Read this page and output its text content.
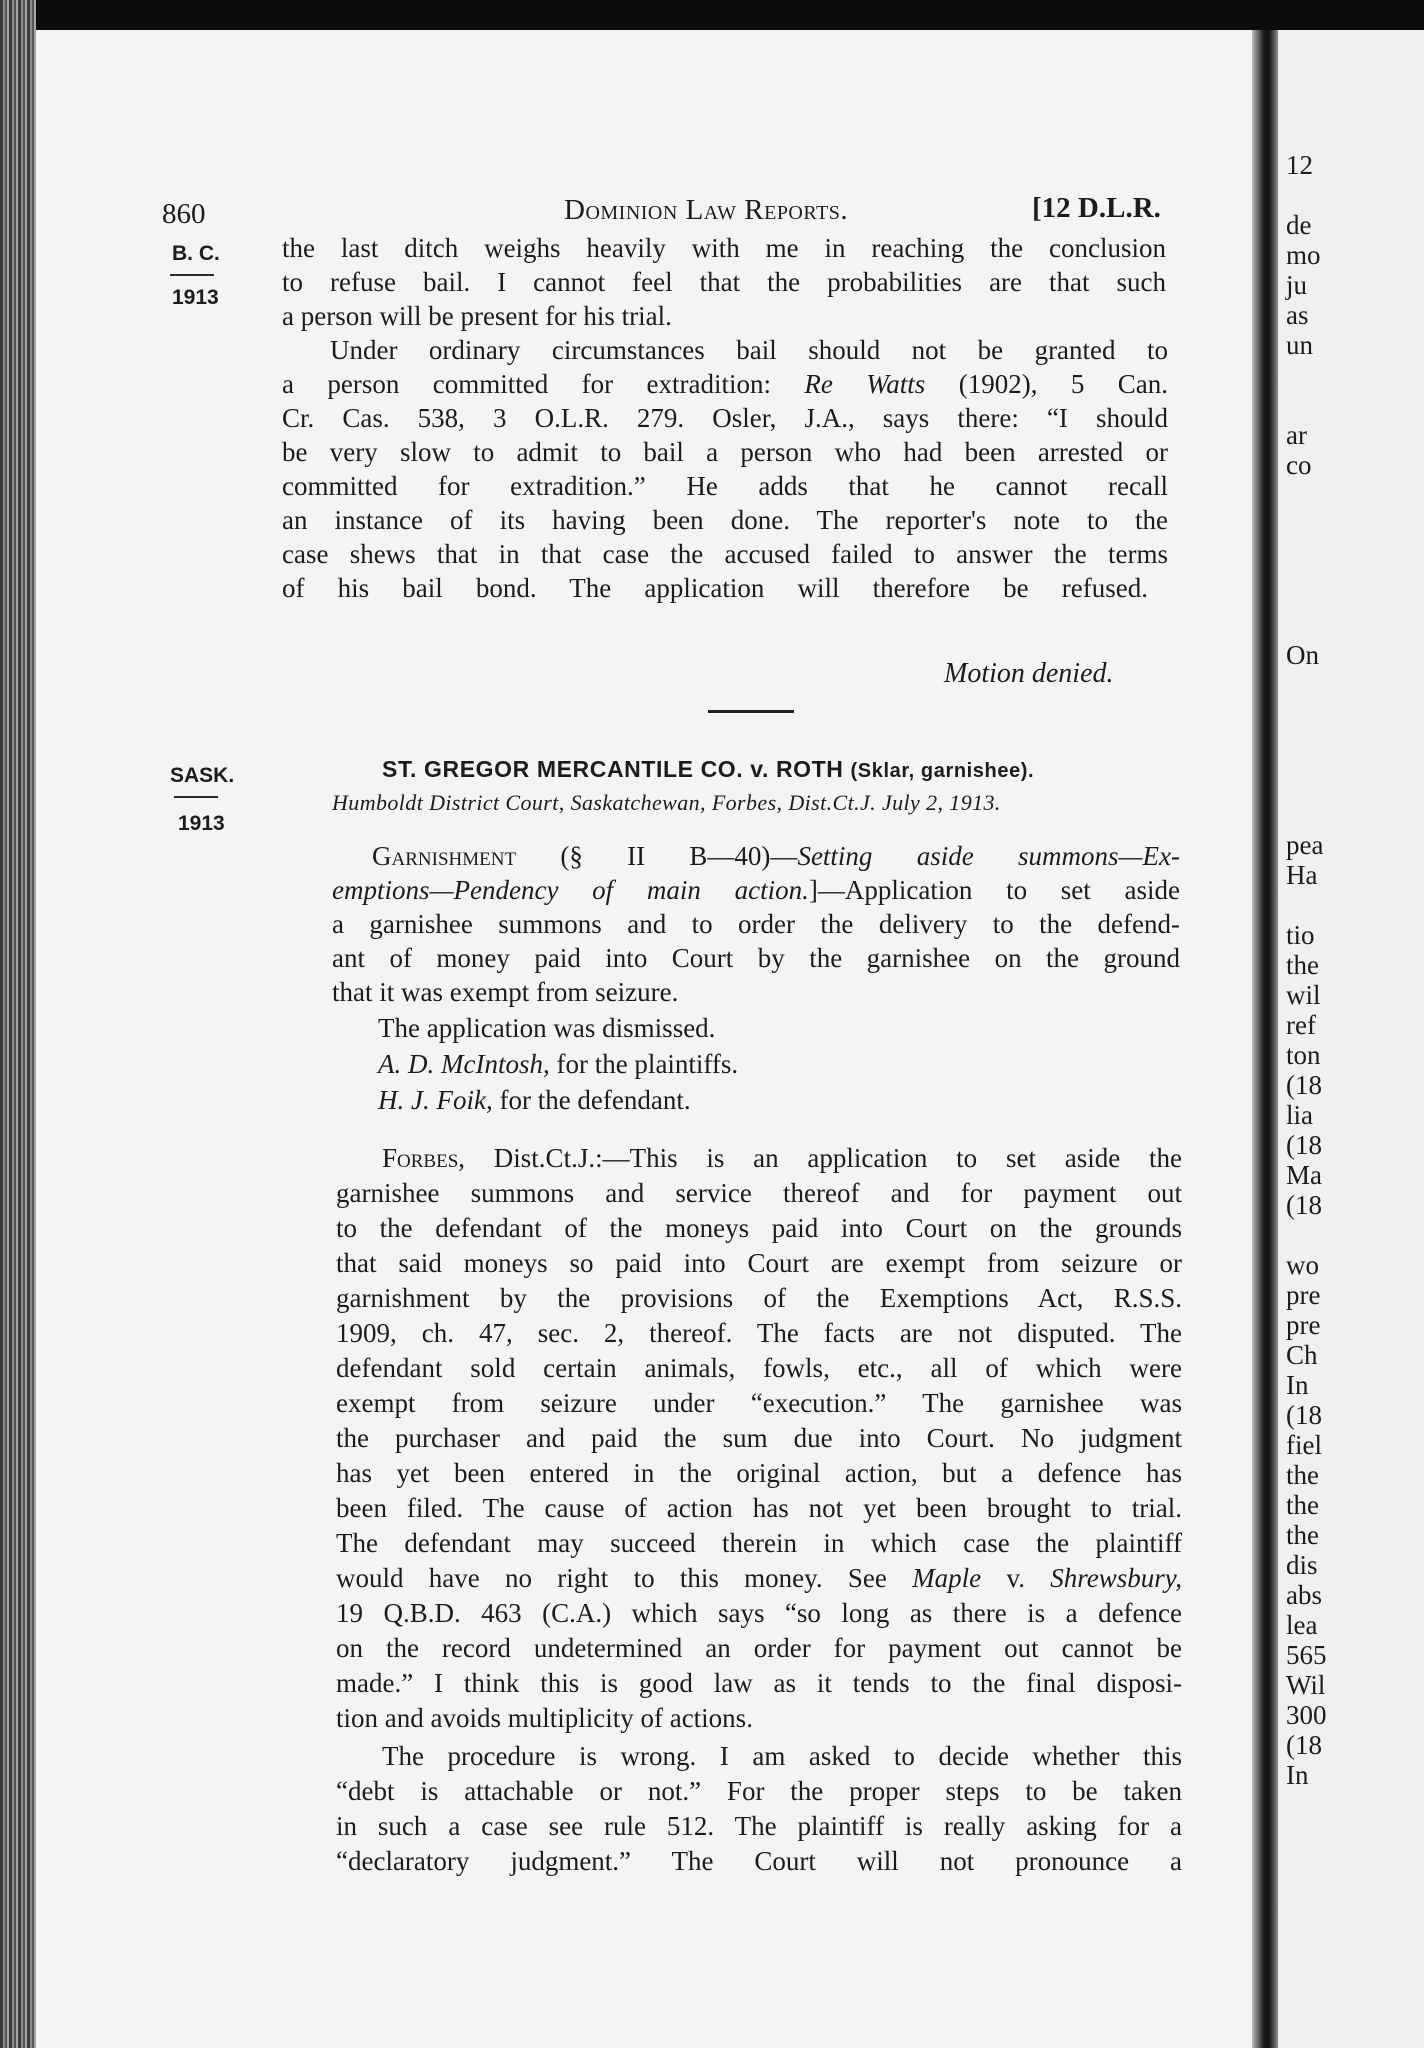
860	Dominion Law Reports.	[12 D.L.R.
B. C.
1913
the last ditch weighs heavily with me in reaching the conclusion
to refuse bail. I cannot feel that the probabilities are that such
a person will be present for his trial.
Under ordinary circumstances bail should not be granted to
a person committed for extradition: Re Watts (1902), 5 Can.
Cr. Cas. 538, 3 O.L.R. 279. Osler, J.A., says there: “I should
be very slow to admit to bail a person who had been arrested or
committed for extradition.” He adds that he cannot recall
an instance of its having been done. The reporter's note to the
case shews that in that case the accused failed to answer the terms
of his bail bond. The application will therefore be refused.
Motion denied.
SASK.
1913
ST. GREGOR MERCANTILE CO. v. ROTH (Sklar, garnishee).
Humboldt District Court, Saskatchewan, Forbes, Dist.Ct.J. July 2, 1913.
Garnishment (§ II B—40)—Setting aside summons—Ex-
emptions—Pendency of main action.]—Application to set aside
a garnishee summons and to order the delivery to the defend-
ant of money paid into Court by the garnishee on the ground
that it was exempt from seizure.
The application was dismissed.
A. D. McIntosh, for the plaintiffs.
H. J. Foik, for the defendant.
Forbes, Dist.Ct.J.:—This is an application to set aside the
garnishee summons and service thereof and for payment out
to the defendant of the moneys paid into Court on the grounds
that said moneys so paid into Court are exempt from seizure or
garnishment by the provisions of the Exemptions Act, R.S.S.
1909, ch. 47, sec. 2, thereof. The facts are not disputed. The
defendant sold certain animals, fowls, etc., all of which were
exempt from seizure under “execution.” The garnishee was
the purchaser and paid the sum due into Court. No judgment
has yet been entered in the original action, but a defence has
been filed. The cause of action has not yet been brought to trial.
The defendant may succeed therein in which case the plaintiff
would have no right to this money. See Maple v. Shrewsbury,
19 Q.B.D. 463 (C.A.) which says “so long as there is a defence
on the record undetermined an order for payment out cannot be
made.” I think this is good law as it tends to the final disposi-
tion and avoids multiplicity of actions.
The procedure is wrong. I am asked to decide whether this
“debt is attachable or not.” For the proper steps to be taken
in such a case see rule 512. The plaintiff is really asking for a
“declaratory judgment.” The Court will not pronounce a
12
de
mo
ju
as
un
ar
co
On
pea
Ha
tio
the
wil
ref
ton
(18
lia
(18
Ma
(18
wo
pre
pre
Ch
In
(18
fiel
the
the
the
dis
abs
lea
565
Wil
300
(18
In
